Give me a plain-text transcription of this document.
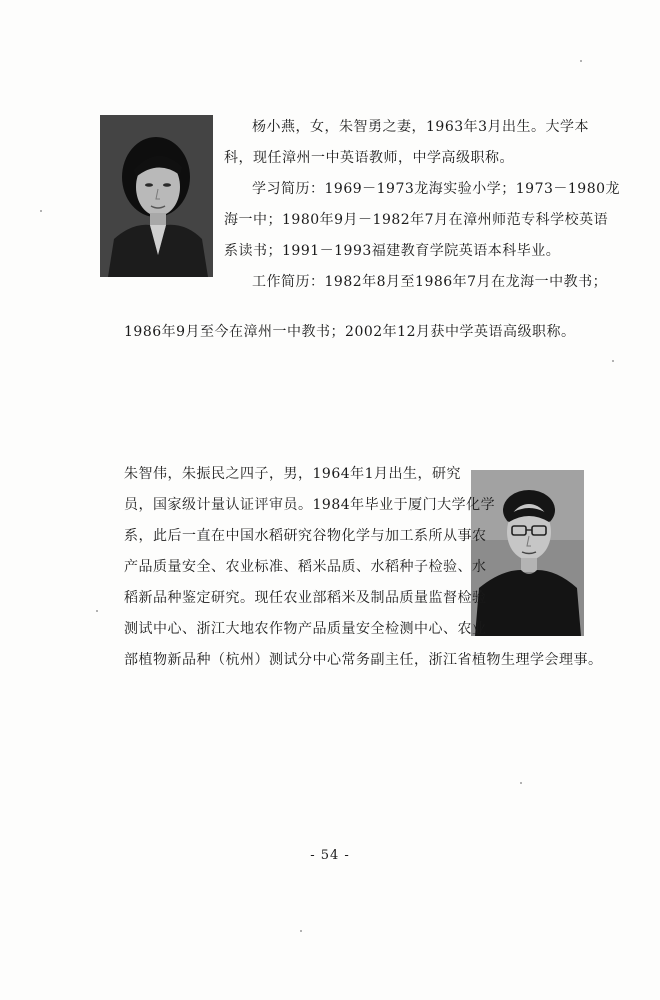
杨小燕，女，朱智勇之妻，1963年3月出生。大学本
科，现任漳州一中英语教师，中学高级职称。
学习简历：1969－1973龙海实验小学；1973－1980龙
海一中；1980年9月－1982年7月在漳州师范专科学校英语
系读书；1991－1993福建教育学院英语本科毕业。
工作简历：1982年8月至1986年7月在龙海一中教书；
1986年9月至今在漳州一中教书；2002年12月获中学英语高级职称。
朱智伟，朱振民之四子，男，1964年1月出生，研究
员，国家级计量认证评审员。1984年毕业于厦门大学化学
系，此后一直在中国水稻研究谷物化学与加工系所从事农
产品质量安全、农业标准、稻米品质、水稻种子检验、水
稻新品种鉴定研究。现任农业部稻米及制品质量监督检验
测试中心、浙江大地农作物产品质量安全检测中心、农业
部植物新品种（杭州）测试分中心常务副主任，浙江省植物生理学会理事。
- 54 -
